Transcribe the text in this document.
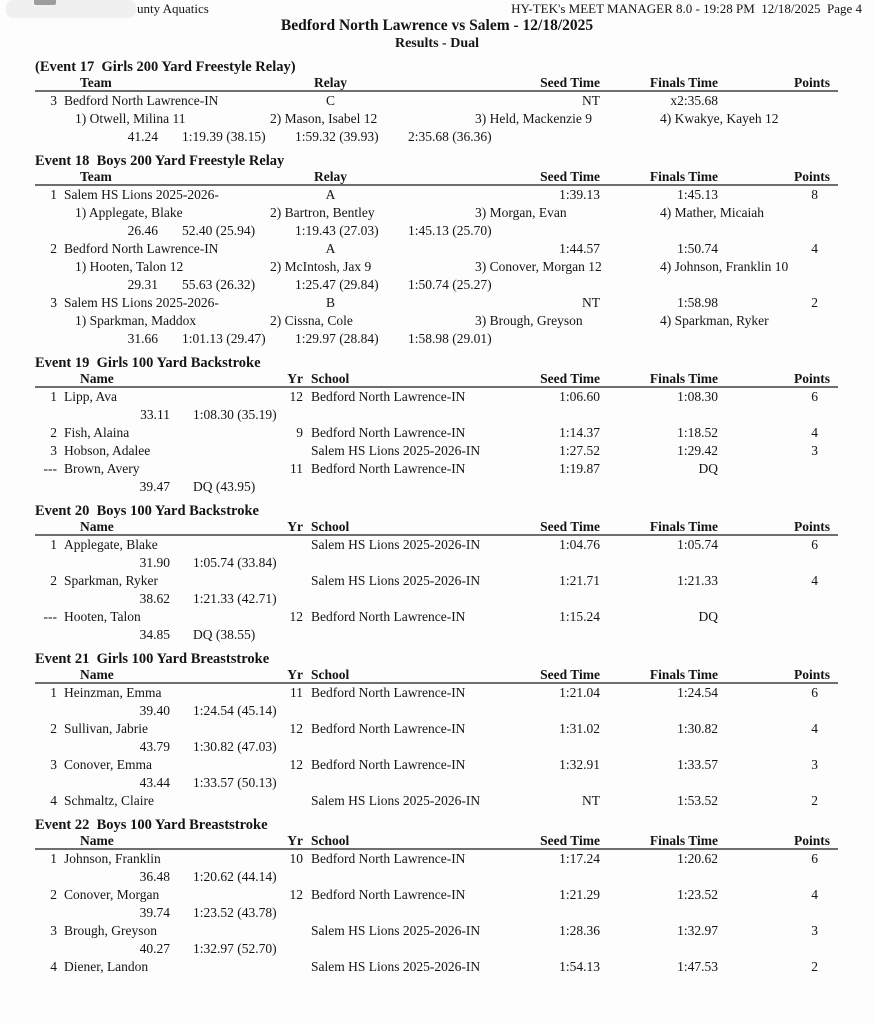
unty Aquatics	HY-TEK's MEET MANAGER 8.0 - 19:28 PM  12/18/2025  Page 4
Bedford North Lawrence vs Salem - 12/18/2025
Results - Dual
(Event 17  Girls 200 Yard Freestyle Relay)
Team	Relay	Seed Time	Finals Time	Points
3 Bedford North Lawrence-IN	C	NT	x2:35.68
1) Otwell, Milina 11	2) Mason, Isabel 12	3) Held, Mackenzie 9	4) Kwakye, Kayeh 12
41.24 1:19.39 (38.15) 1:59.32 (39.93) 2:35.68 (36.36)
Event 18  Boys 200 Yard Freestyle Relay
Team	Relay	Seed Time	Finals Time	Points
1 Salem HS Lions 2025-2026-	A	1:39.13	1:45.13	8
1) Applegate, Blake	2) Bartron, Bentley	3) Morgan, Evan	4) Mather, Micaiah
26.46 52.40 (25.94)	1:19.43 (27.03) 1:45.13 (25.70)
2 Bedford North Lawrence-IN	A	1:44.57	1:50.74	4
1) Hooten, Talon 12	2) McIntosh, Jax 9	3) Conover, Morgan 12	4) Johnson, Franklin 10
29.31 55.63 (26.32)	1:25.47 (29.84) 1:50.74 (25.27)
3 Salem HS Lions 2025-2026-	B	NT	1:58.98	2
1) Sparkman, Maddox	2) Cissna, Cole	3) Brough, Greyson	4) Sparkman, Ryker
31.66 1:01.13 (29.47) 1:29.97 (28.84) 1:58.98 (29.01)
Event 19  Girls 100 Yard Backstroke
Name	Yr School	Seed Time	Finals Time	Points
1 Lipp, Ava	12 Bedford North Lawrence-IN	1:06.60	1:08.30	6
33.11 1:08.30 (35.19)
2 Fish, Alaina	9 Bedford North Lawrence-IN	1:14.37	1:18.52	4
3 Hobson, Adalee	Salem HS Lions 2025-2026-IN	1:27.52	1:29.42	3
--- Brown, Avery	11 Bedford North Lawrence-IN	1:19.87	DQ
39.47 DQ (43.95)
Event 20  Boys 100 Yard Backstroke
Name	Yr School	Seed Time	Finals Time	Points
1 Applegate, Blake	Salem HS Lions 2025-2026-IN	1:04.76	1:05.74	6
31.90 1:05.74 (33.84)
2 Sparkman, Ryker	Salem HS Lions 2025-2026-IN	1:21.71	1:21.33	4
38.62 1:21.33 (42.71)
--- Hooten, Talon	12 Bedford North Lawrence-IN	1:15.24	DQ
34.85 DQ (38.55)
Event 21  Girls 100 Yard Breaststroke
Name	Yr School	Seed Time	Finals Time	Points
1 Heinzman, Emma	11 Bedford North Lawrence-IN	1:21.04	1:24.54	6
39.40 1:24.54 (45.14)
2 Sullivan, Jabrie	12 Bedford North Lawrence-IN	1:31.02	1:30.82	4
43.79 1:30.82 (47.03)
3 Conover, Emma	12 Bedford North Lawrence-IN	1:32.91	1:33.57	3
43.44 1:33.57 (50.13)
4 Schmaltz, Claire	Salem HS Lions 2025-2026-IN	NT	1:53.52	2
Event 22  Boys 100 Yard Breaststroke
Name	Yr School	Seed Time	Finals Time	Points
1 Johnson, Franklin	10 Bedford North Lawrence-IN	1:17.24	1:20.62	6
36.48 1:20.62 (44.14)
2 Conover, Morgan	12 Bedford North Lawrence-IN	1:21.29	1:23.52	4
39.74 1:23.52 (43.78)
3 Brough, Greyson	Salem HS Lions 2025-2026-IN	1:28.36	1:32.97	3
40.27 1:32.97 (52.70)
4 Diener, Landon	Salem HS Lions 2025-2026-IN	1:54.13	1:47.53	2
